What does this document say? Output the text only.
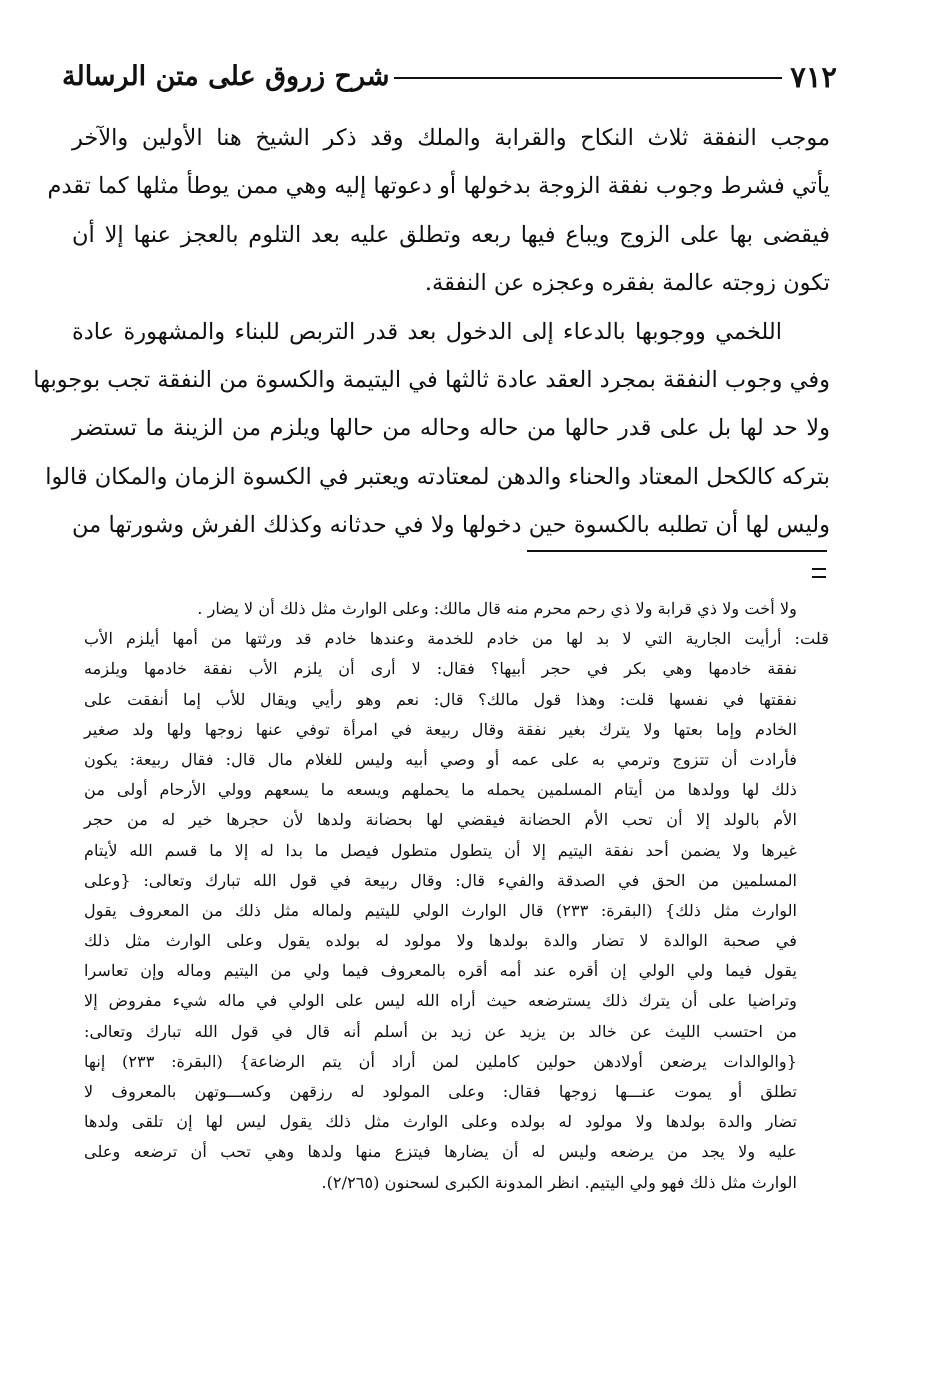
٧١٢
شرح زروق على متن الرسالة
موجب النفقة ثلاث النكاح والقرابة والملك وقد ذكر الشيخ هنا الأولين والآخر
يأتي فشرط وجوب نفقة الزوجة بدخولها أو دعوتها إليه وهي ممن يوطأ مثلها كما تقدم
فيقضى بها على الزوج ويباع فيها ربعه وتطلق عليه بعد التلوم بالعجز عنها إلا أن
تكون زوجته عالمة بفقره وعجزه عن النفقة.
اللخمي ووجوبها بالدعاء إلى الدخول بعد قدر التربص للبناء والمشهورة عادة
وفي وجوب النفقة بمجرد العقد عادة ثالثها في اليتيمة والكسوة من النفقة تجب بوجوبها
ولا حد لها بل على قدر حالها من حاله وحاله من حالها ويلزم من الزينة ما تستضر
بتركه كالكحل المعتاد والحناء والدهن لمعتادته ويعتبر في الكسوة الزمان والمكان قالوا
وليس لها أن تطلبه بالكسوة حين دخولها ولا في حدثانه وكذلك الفرش وشورتها من
ولا أخت ولا ذي قرابة ولا ذي رحم محرم منه قال مالك: وعلى الوارث مثل ذلك أن لا يضار .
قلت: أرأيت الجارية التي لا بد لها من خادم للخدمة وعندها خادم قد ورثتها من أمها أيلزم الأب
نفقة خادمها وهي بكر في حجر أبيها؟ فقال: لا أرى أن يلزم الأب نفقة خادمها ويلزمه
نفقتها في نفسها قلت: وهذا قول مالك؟ قال: نعم وهو رأيي ويقال للأب إما أنفقت على
الخادم وإما بعتها ولا يترك بغير نفقة وقال ربيعة في امرأة توفي عنها زوجها ولها ولد صغير
فأرادت أن تتزوج وترمي به على عمه أو وصي أبيه وليس للغلام مال قال: فقال ربيعة: يكون
ذلك لها وولدها من أيتام المسلمين يحمله ما يحملهم ويسعه ما يسعهم وولي الأرحام أولى من
الأم بالولد إلا أن تحب الأم الحضانة فيقضي لها بحضانة ولدها لأن حجرها خير له من حجر
غيرها ولا يضمن أحد نفقة اليتيم إلا أن يتطول متطول فيصل ما بدا له إلا ما قسم الله لأيتام
المسلمين من الحق في الصدقة والفيء قال: وقال ربيعة في قول الله تبارك وتعالى: {وعلى
الوارث مثل ذلك} (البقرة: ٢٣٣) قال الوارث الولي لليتيم ولماله مثل ذلك من المعروف يقول
في صحبة الوالدة لا تضار والدة بولدها ولا مولود له بولده يقول وعلى الوارث مثل ذلك
يقول فيما ولي الولي إن أقره عند أمه أقره بالمعروف فيما ولي من اليتيم وماله وإن تعاسرا
وتراضيا على أن يترك ذلك يسترضعه حيث أراه الله ليس على الولي في ماله شيء مفروض إلا
من احتسب الليث عن خالد بن يزيد عن زيد بن أسلم أنه قال في قول الله تبارك وتعالى:
{والوالدات يرضعن أولادهن حولين كاملين لمن أراد أن يتم الرضاعة} (البقرة: ٢٣٣) إنها
تطلق أو يموت عنـــها زوجها فقال: وعلى المولود له رزقهن وكســـوتهن بالمعروف لا
تضار والدة بولدها ولا مولود له بولده وعلى الوارث مثل ذلك يقول ليس لها إن تلقى ولدها
عليه ولا يجد من يرضعه وليس له أن يضارها فيتزع منها ولدها وهي تحب أن ترضعه وعلى
الوارث مثل ذلك فهو ولي اليتيم. انظر المدونة الكبرى لسحنون (٢/٢٦٥).
